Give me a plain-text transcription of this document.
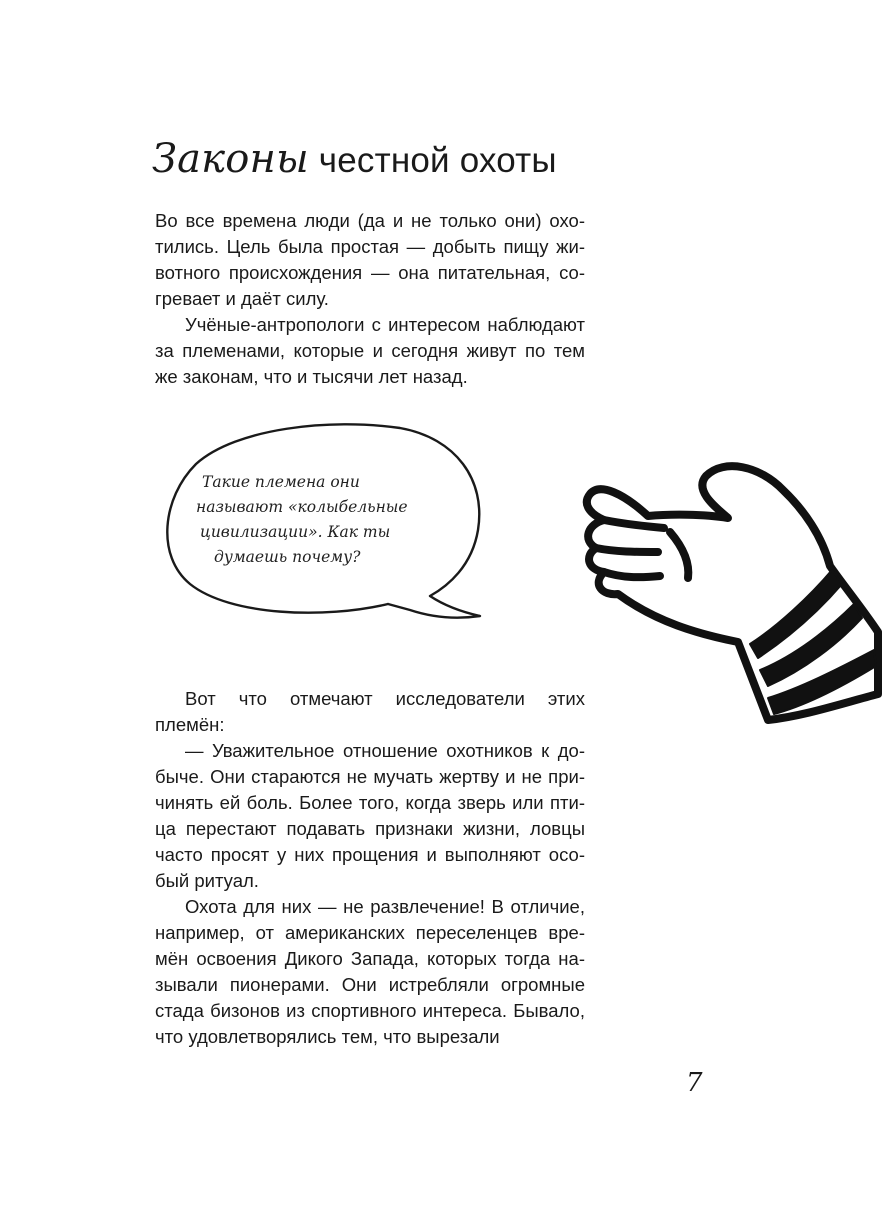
Законы честной охоты

Во все времена люди (да и не только они) охотились. Цель была простая — добыть пищу животного происхождения — она питательная, согревает и даёт силу.

Учёные-антропологи с интересом наблюдают за племенами, которые и сегодня живут по тем же законам, что и тысячи лет назад.

Такие племена они
называют «колыбельные
цивилизации». Как ты
думаешь почему?

Вот что отмечают исследователи этих племён:

— Уважительное отношение охотников к добыче. Они стараются не мучать жертву и не причинять ей боль. Более того, когда зверь или птица перестают подавать признаки жизни, ловцы часто просят у них прощения и выполняют особый ритуал.

Охота для них — не развлечение! В отличие, например, от американских переселенцев времён освоения Дикого Запада, которых тогда называли пионерами. Они истребляли огромные стада бизонов из спортивного интереса. Бывало, что удовлетворялись тем, что вырезали

7
